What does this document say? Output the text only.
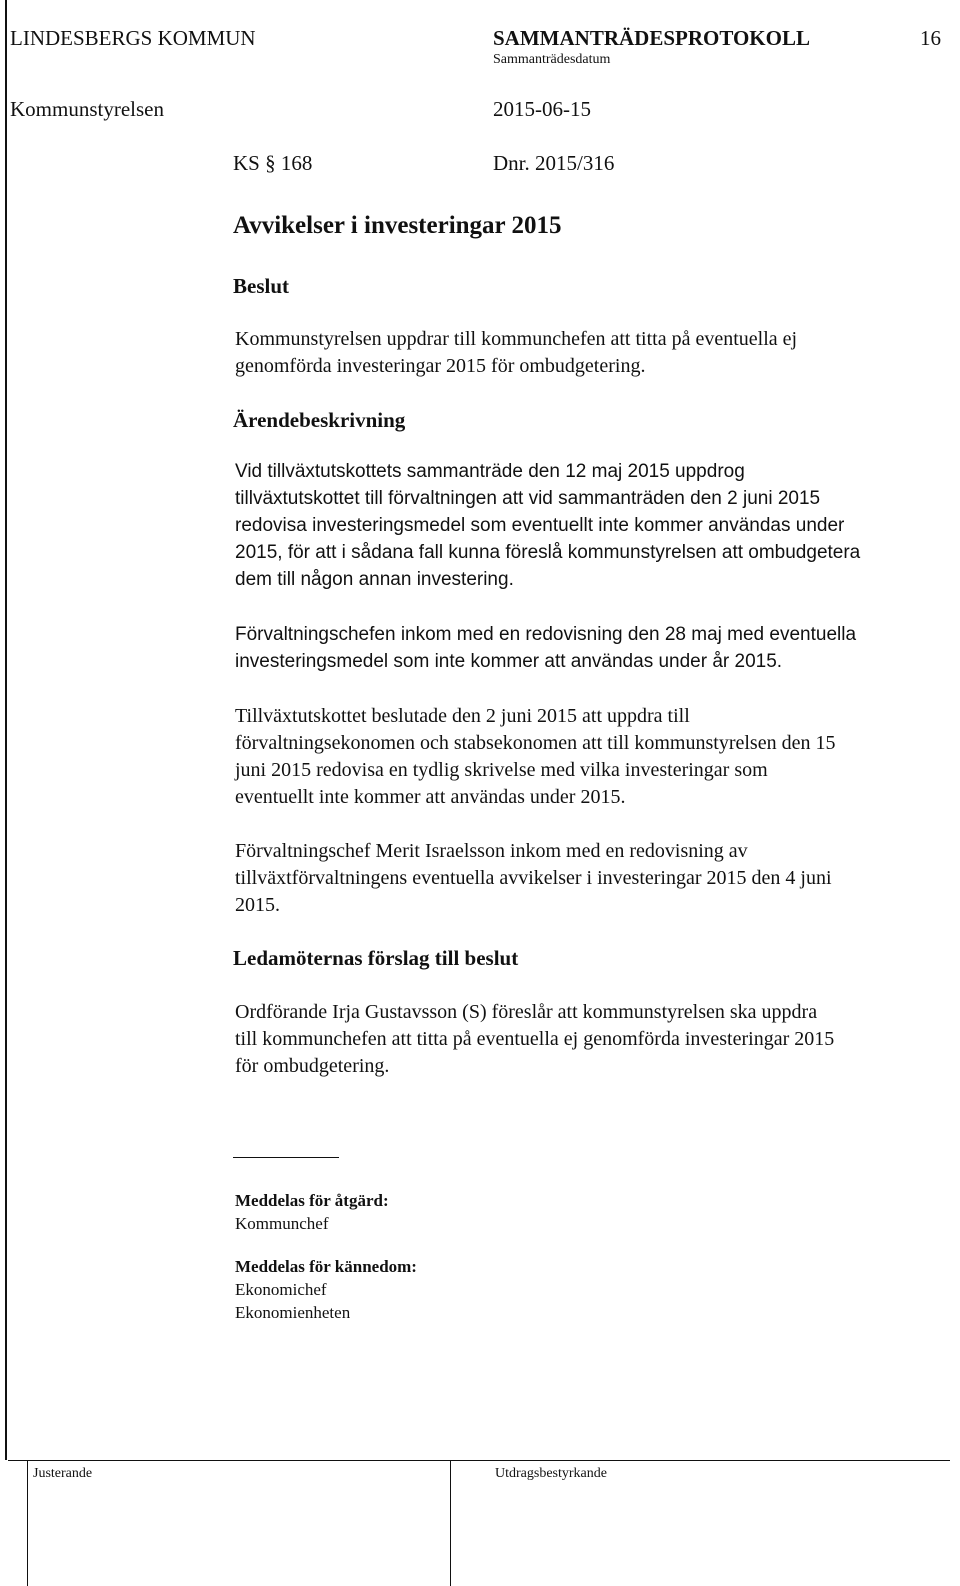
LINDESBERGS KOMMUN	SAMMANTRÄDESPROTOKOLL	16
Sammanträdesdatum
Kommunstyrelsen	2015-06-15
KS § 168	Dnr. 2015/316
Avvikelser i investeringar 2015
Beslut
Kommunstyrelsen uppdrar till kommunchefen att titta på eventuella ej
genomförda investeringar 2015 för ombudgetering.
Ärendebeskrivning
Vid tillväxtutskottets sammanträde den 12 maj 2015 uppdrog
tillväxtutskottet till förvaltningen att vid sammanträden den 2 juni 2015
redovisa investeringsmedel som eventuellt inte kommer användas under
2015, för att i sådana fall kunna föreslå kommunstyrelsen att ombudgetera
dem till någon annan investering.
Förvaltningschefen inkom med en redovisning den 28 maj med eventuella
investeringsmedel som inte kommer att användas under år 2015.
Tillväxtutskottet beslutade den 2 juni 2015 att uppdra till
förvaltningsekonomen och stabsekonomen att till kommunstyrelsen den 15
juni 2015 redovisa en tydlig skrivelse med vilka investeringar som
eventuellt inte kommer att användas under 2015.
Förvaltningschef Merit Israelsson inkom med en redovisning av
tillväxtförvaltningens eventuella avvikelser i investeringar 2015 den 4 juni
2015.
Ledamöternas förslag till beslut
Ordförande Irja Gustavsson (S) föreslår att kommunstyrelsen ska uppdra
till kommunchefen att titta på eventuella ej genomförda investeringar 2015
för ombudgetering.
Meddelas för åtgärd:
Kommunchef
Meddelas för kännedom:
Ekonomichef
Ekonomienheten
Justerande	Utdragsbestyrkande
